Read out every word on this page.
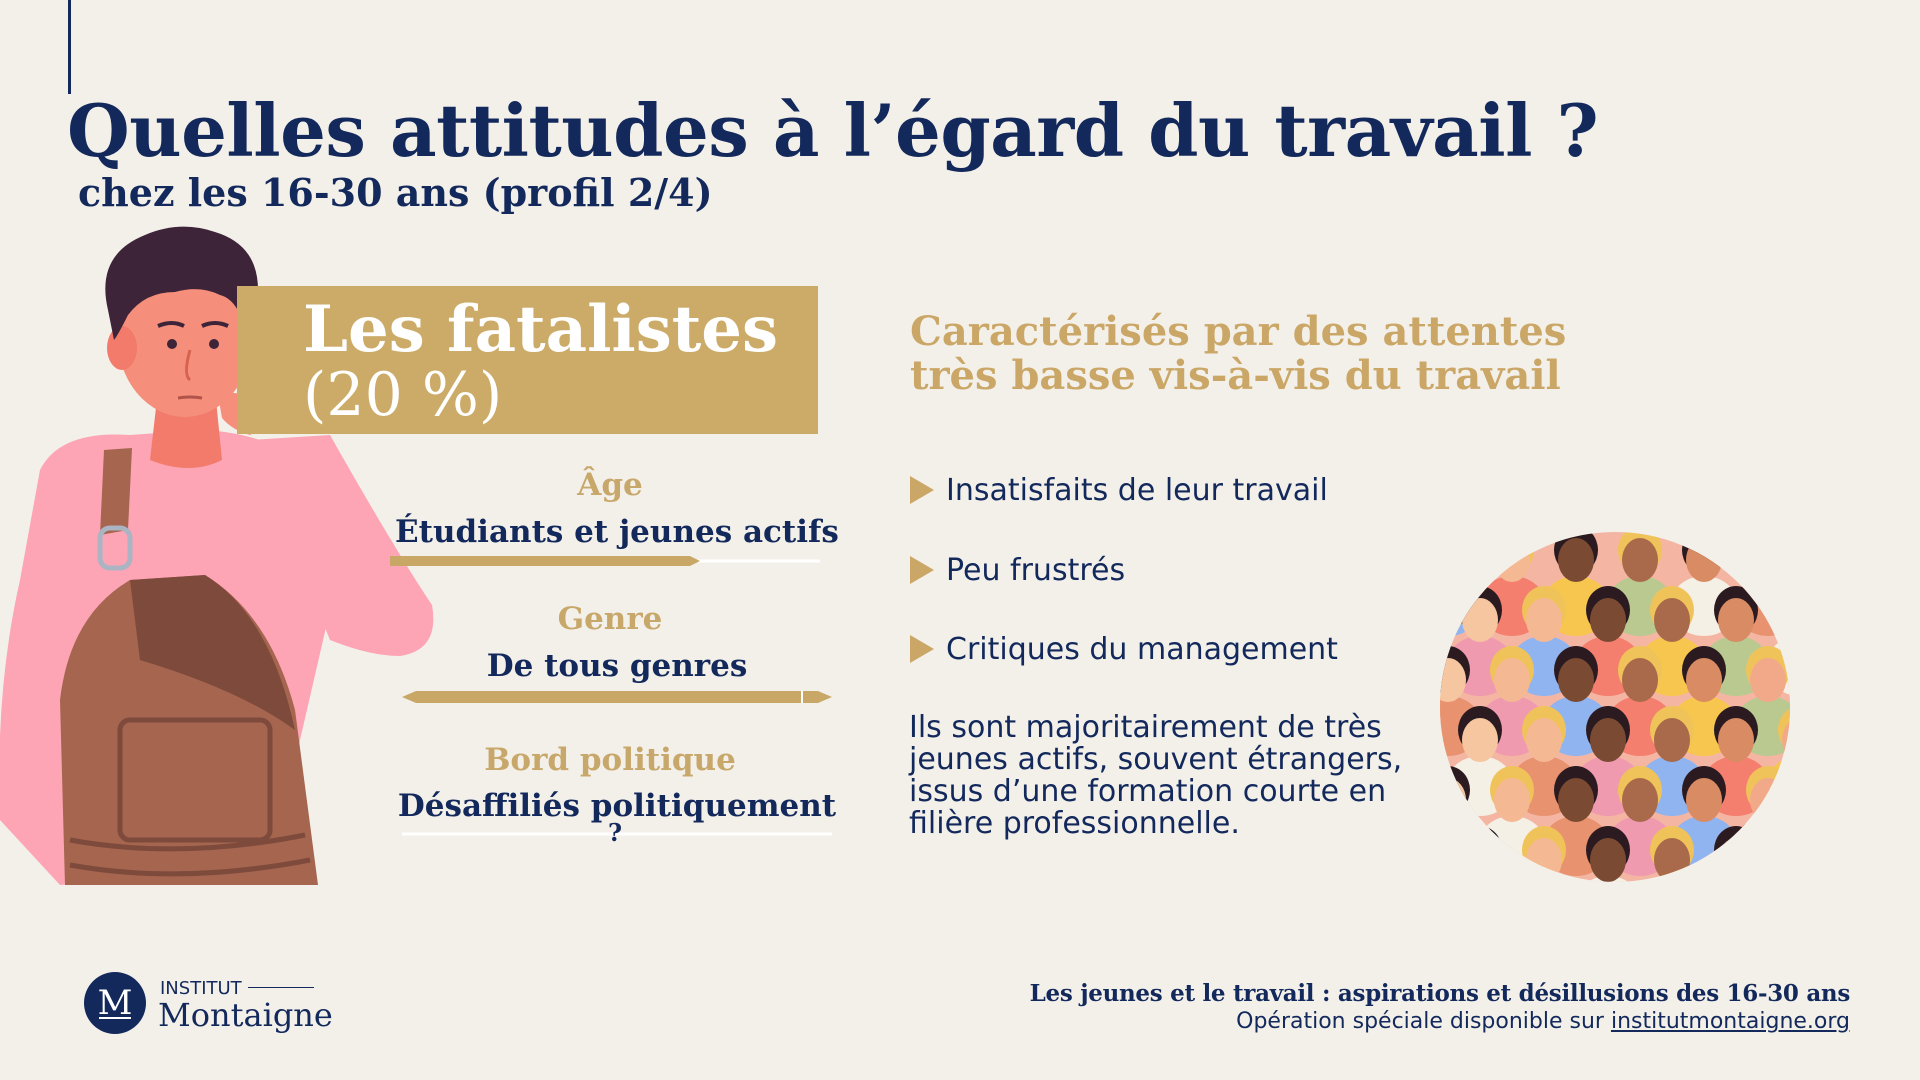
Quelles attitudes à l’égard du travail ?
chez les 16-30 ans (profil 2/4)
Les fatalistes
(20 %)
Âge
Étudiants et jeunes actifs
Genre
De tous genres
Bord politique
Désaffiliés politiquement
?
Caractérisés par des attentes
très basse vis-à-vis du travail
Insatisfaits de leur travail
Peu frustrés
Critiques du management
Ils sont majoritairement de très
jeunes actifs, souvent étrangers,
issus d’une formation courte en
filière professionnelle.
M INSTITUT
Montaigne
Les jeunes et le travail : aspirations et désillusions des 16-30 ans
Opération spéciale disponible sur institutmontaigne.org
